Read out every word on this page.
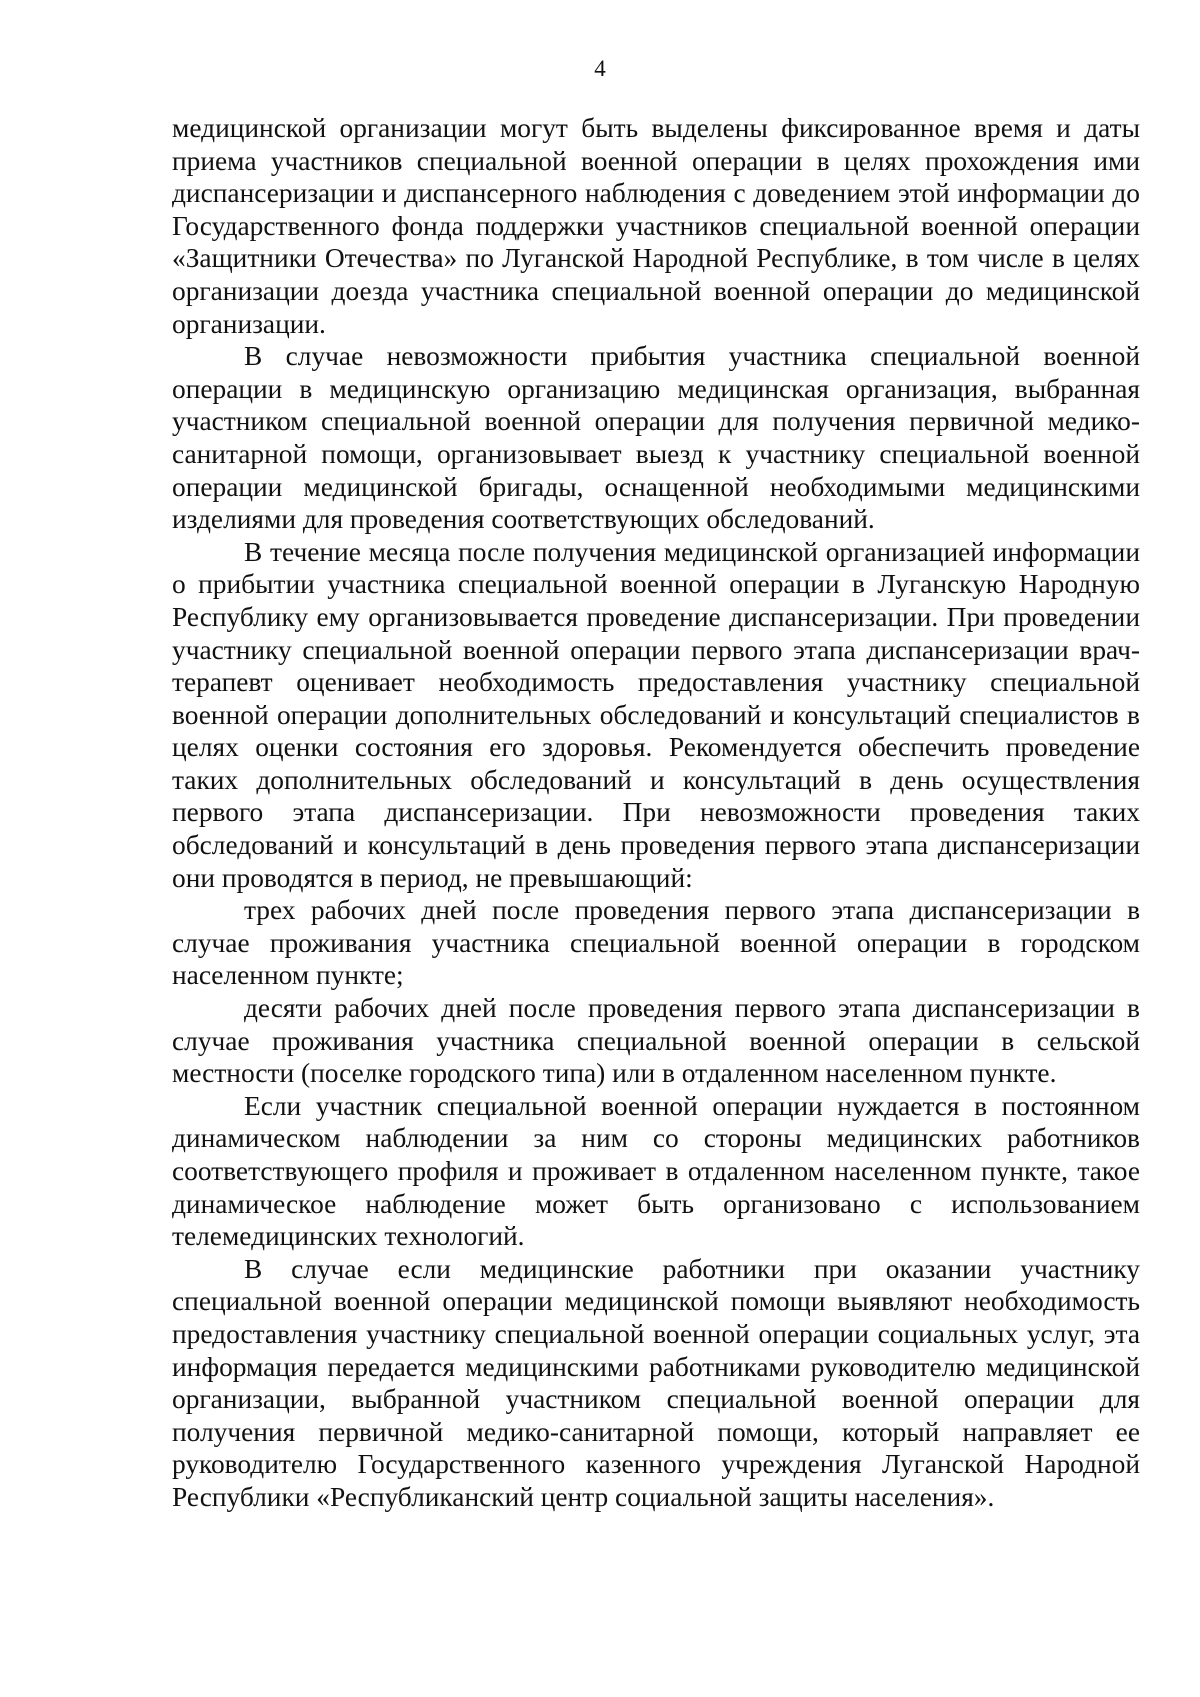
4

медицинской организации могут быть выделены фиксированное время и даты приема участников специальной военной операции в целях прохождения ими диспансеризации и диспансерного наблюдения с доведением этой информации до Государственного фонда поддержки участников специальной военной операции «Защитники Отечества» по Луганской Народной Республике, в том числе в целях организации доезда участника специальной военной операции до медицинской организации.

В случае невозможности прибытия участника специальной военной операции в медицинскую организацию медицинская организация, выбранная участником специальной военной операции для получения первичной медико-санитарной помощи, организовывает выезд к участнику специальной военной операции медицинской бригады, оснащенной необходимыми медицинскими изделиями для проведения соответствующих обследований.

В течение месяца после получения медицинской организацией информации о прибытии участника специальной военной операции в Луганскую Народную Республику ему организовывается проведение диспансеризации. При проведении участнику специальной военной операции первого этапа диспансеризации врач-терапевт оценивает необходимость предоставления участнику специальной военной операции дополнительных обследований и консультаций специалистов в целях оценки состояния его здоровья. Рекомендуется обеспечить проведение таких дополнительных обследований и консультаций в день осуществления первого этапа диспансеризации. При невозможности проведения таких обследований и консультаций в день проведения первого этапа диспансеризации они проводятся в период, не превышающий:

трех рабочих дней после проведения первого этапа диспансеризации в случае проживания участника специальной военной операции в городском населенном пункте;

десяти рабочих дней после проведения первого этапа диспансеризации в случае проживания участника специальной военной операции в сельской местности (поселке городского типа) или в отдаленном населенном пункте.

Если участник специальной военной операции нуждается в постоянном динамическом наблюдении за ним со стороны медицинских работников соответствующего профиля и проживает в отдаленном населенном пункте, такое динамическое наблюдение может быть организовано с использованием телемедицинских технологий.

В случае если медицинские работники при оказании участнику специальной военной операции медицинской помощи выявляют необходимость предоставления участнику специальной военной операции социальных услуг, эта информация передается медицинскими работниками руководителю медицинской организации, выбранной участником специальной военной операции для получения первичной медико-санитарной помощи, который направляет ее руководителю Государственного казенного учреждения Луганской Народной Республики «Республиканский центр социальной защиты населения».
